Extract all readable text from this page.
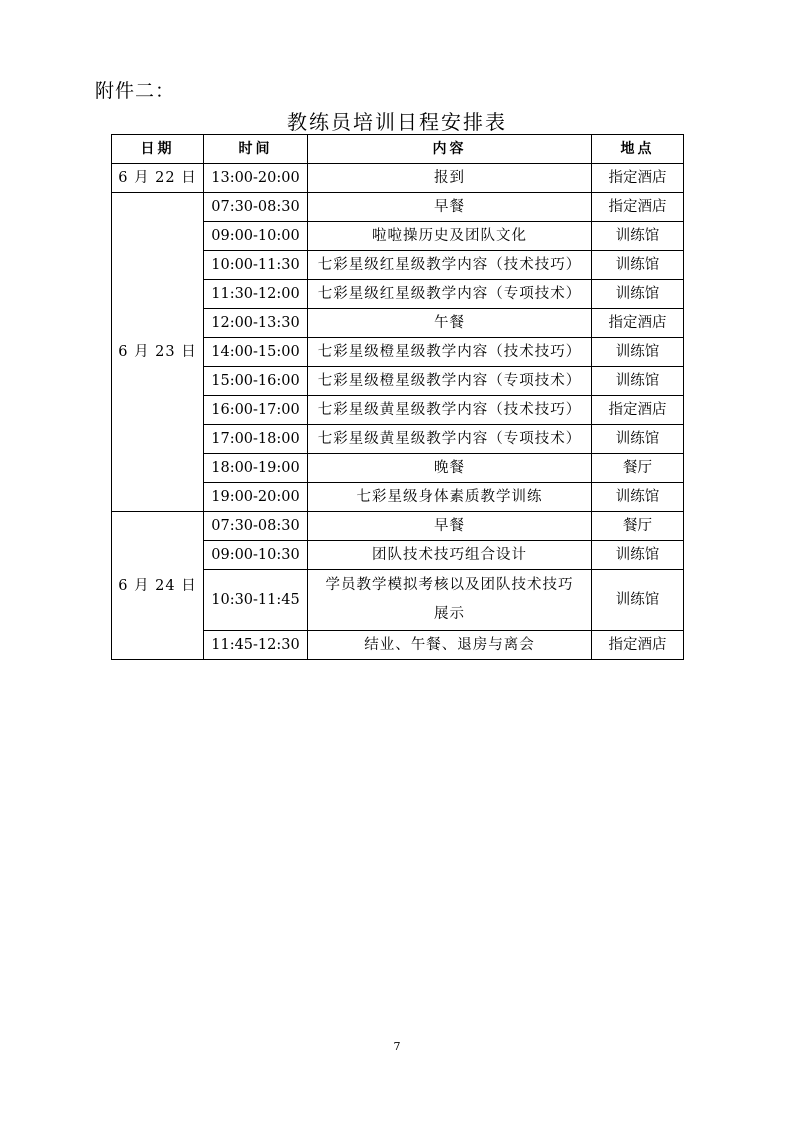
附件二：
教练员培训日程安排表
日期	时间	内容	地点
6 月 22 日	13:00-20:00	报到	指定酒店
6 月 23 日	07:30-08:30	早餐	指定酒店
	09:00-10:00	啦啦操历史及团队文化	训练馆
	10:00-11:30	七彩星级红星级教学内容（技术技巧）	训练馆
	11:30-12:00	七彩星级红星级教学内容（专项技术）	训练馆
	12:00-13:30	午餐	指定酒店
	14:00-15:00	七彩星级橙星级教学内容（技术技巧）	训练馆
	15:00-16:00	七彩星级橙星级教学内容（专项技术）	训练馆
	16:00-17:00	七彩星级黄星级教学内容（技术技巧）	指定酒店
	17:00-18:00	七彩星级黄星级教学内容（专项技术）	训练馆
	18:00-19:00	晚餐	餐厅
	19:00-20:00	七彩星级身体素质教学训练	训练馆
6 月 24 日	07:30-08:30	早餐	餐厅
	09:00-10:30	团队技术技巧组合设计	训练馆
	10:30-11:45	学员教学模拟考核以及团队技术技巧展示	训练馆
	11:45-12:30	结业、午餐、退房与离会	指定酒店
7
